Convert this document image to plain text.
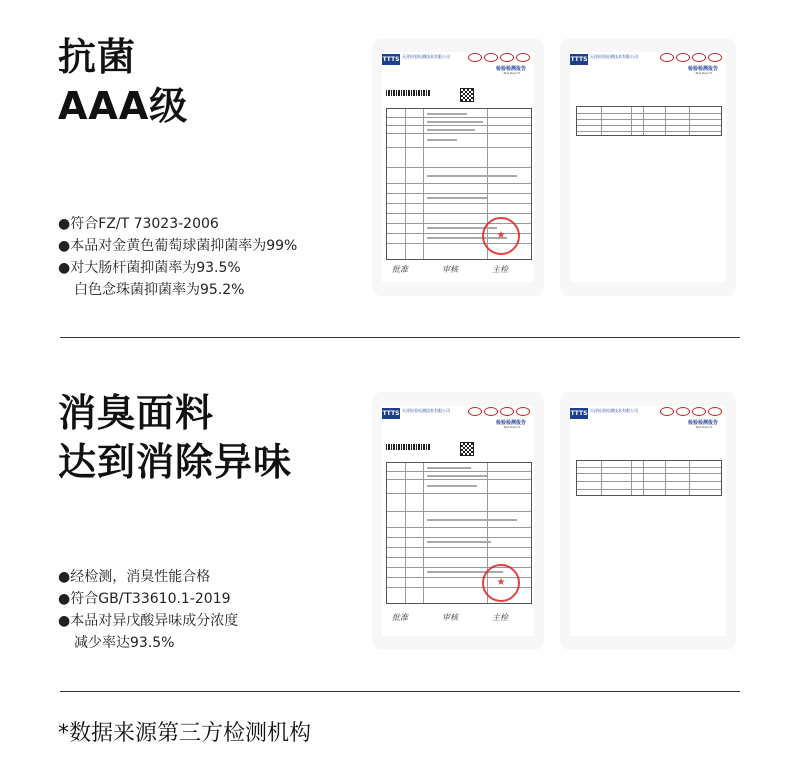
抗菌
AAA级
●符合FZ/T 73023-2006
●本品对金黄色葡萄球菌抑菌率为99%
●对大肠杆菌抑菌率为93.5%
白色念珠菌抑菌率为95.2%
TTTS 天祥检验检测技术有限公司
检验检测报告
Test Report
★
批准	审核	主检
TTTS 天祥检验检测技术有限公司
检验检测报告
Test Report
消臭面料
达到消除异味
●经检测，消臭性能合格
●符合GB/T33610.1-2019
●本品对异戊酸异味成分浓度
减少率达93.5%
TTTS 天祥检验检测技术有限公司
检验检测报告
Test Report
★
批准	审核	主检
TTTS 天祥检验检测技术有限公司
检验检测报告
Test Report
*数据来源第三方检测机构
